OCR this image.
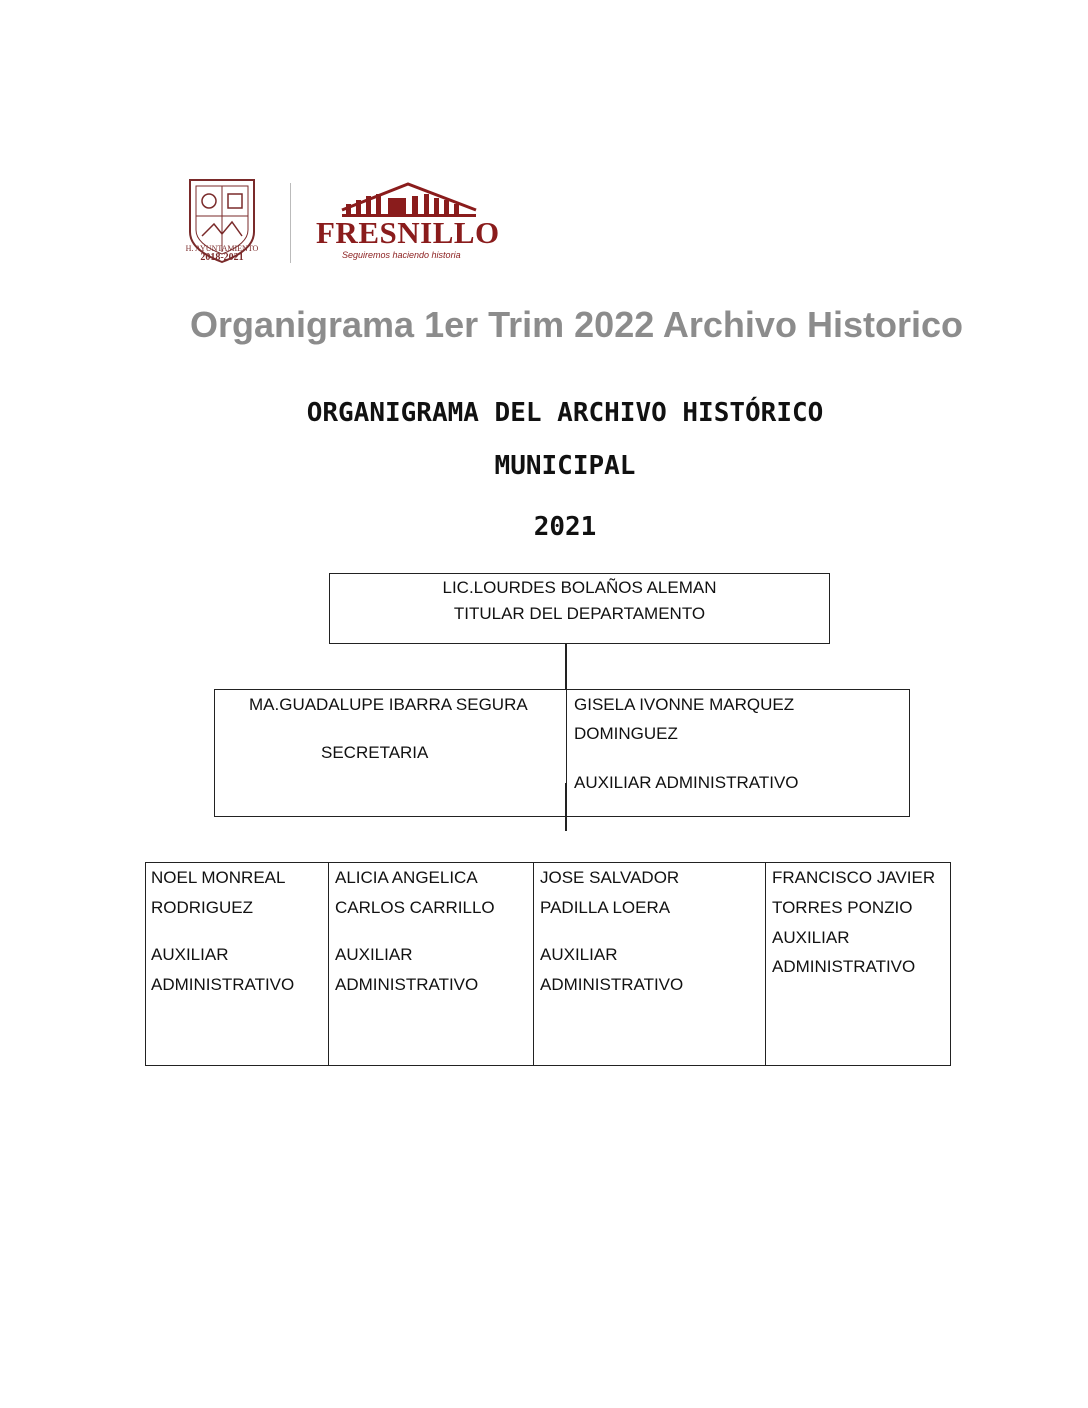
H. AYUNTAMIENTO
2018-2021
FRESNILLO
Seguiremos haciendo historia
Organigrama 1er Trim 2022 Archivo Historico
ORGANIGRAMA DEL ARCHIVO HISTÓRICO
MUNICIPAL
2021
LIC.LOURDES BOLAÑOS ALEMAN
TITULAR DEL DEPARTAMENTO
MA.GUADALUPE IBARRA SEGURA
SECRETARIA
GISELA IVONNE MARQUEZ
DOMINGUEZ
AUXILIAR ADMINISTRATIVO
NOEL MONREAL
RODRIGUEZ
AUXILIAR
ADMINISTRATIVO
ALICIA ANGELICA
CARLOS CARRILLO
AUXILIAR
ADMINISTRATIVO
JOSE SALVADOR
PADILLA LOERA
AUXILIAR
ADMINISTRATIVO
FRANCISCO JAVIER
TORRES PONZIO
AUXILIAR
ADMINISTRATIVO
